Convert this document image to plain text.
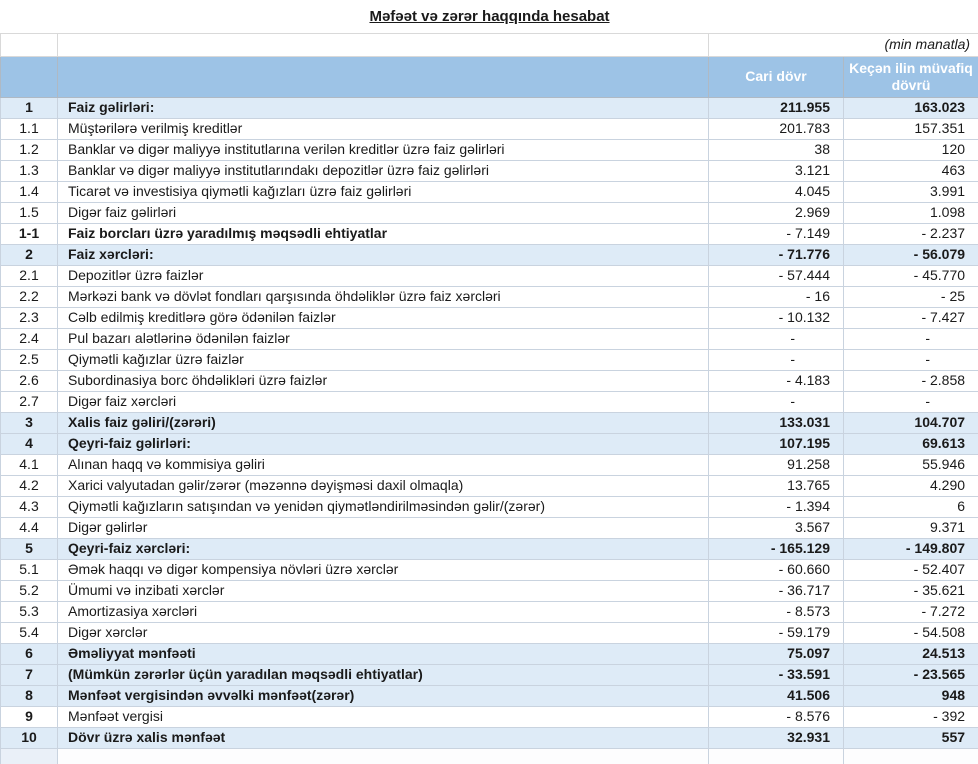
Məfəət və zərər haqqında hesabat			
		(min manatla)	
		Cari dövr	Keçən ilin müvafiq dövrü
1	Faiz gəlirləri:	211.955	163.023
1.1	Müştərilərə verilmiş kreditlər	201.783	157.351
1.2	Banklar və digər maliyyə institutlarına verilən kreditlər üzrə faiz gəlirləri	38	120
1.3	Banklar və digər maliyyə institutlarındakı depozitlər üzrə faiz gəlirləri	3.121	463
1.4	Ticarət və investisiya qiymətli kağızları üzrə faiz gəlirləri	4.045	3.991
1.5	Digər faiz gəlirləri	2.969	1.098
1-1	Faiz borcları üzrə yaradılmış məqsədli ehtiyatlar	- 7.149	- 2.237
2	Faiz xərcləri:	- 71.776	- 56.079
2.1	Depozitlər üzrə faizlər	- 57.444	- 45.770
2.2	Mərkəzi bank və dövlət fondları qarşısında öhdəliklər üzrə faiz xərcləri	- 16	- 25
2.3	Cəlb edilmiş kreditlərə görə ödənilən faizlər	- 10.132	- 7.427
2.4	Pul bazarı alətlərinə ödənilən faizlər	-	-
2.5	Qiymətli kağızlar üzrə faizlər	-	-
2.6	Subordinasiya borc öhdəlikləri üzrə faizlər	- 4.183	- 2.858
2.7	Digər faiz xərcləri	-	-
3	Xalis faiz gəliri/(zərəri)	133.031	104.707
4	Qeyri-faiz gəlirləri:	107.195	69.613
4.1	Alınan haqq və kommisiya gəliri	91.258	55.946
4.2	Xarici valyutadan gəlir/zərər (məzənnə dəyişməsi daxil olmaqla)	13.765	4.290
4.3	Qiymətli kağızların satışından və yenidən qiymətləndirilməsindən gəlir/(zərər)	- 1.394	6
4.4	Digər gəlirlər	3.567	9.371
5	Qeyri-faiz xərcləri:	- 165.129	- 149.807
5.1	Əmək haqqı və digər kompensiya növləri üzrə xərclər	- 60.660	- 52.407
5.2	Ümumi və inzibati xərclər	- 36.717	- 35.621
5.3	Amortizasiya xərcləri	- 8.573	- 7.272
5.4	Digər xərclər	- 59.179	- 54.508
6	Əməliyyat mənfəəti	75.097	24.513
7	(Mümkün zərərlər üçün yaradılan məqsədli ehtiyatlar)	- 33.591	- 23.565
8	Mənfəət vergisindən əvvəlki mənfəət(zərər)	41.506	948
9	Mənfəət vergisi	- 8.576	- 392
10	Dövr üzrə xalis mənfəət	32.931	557
